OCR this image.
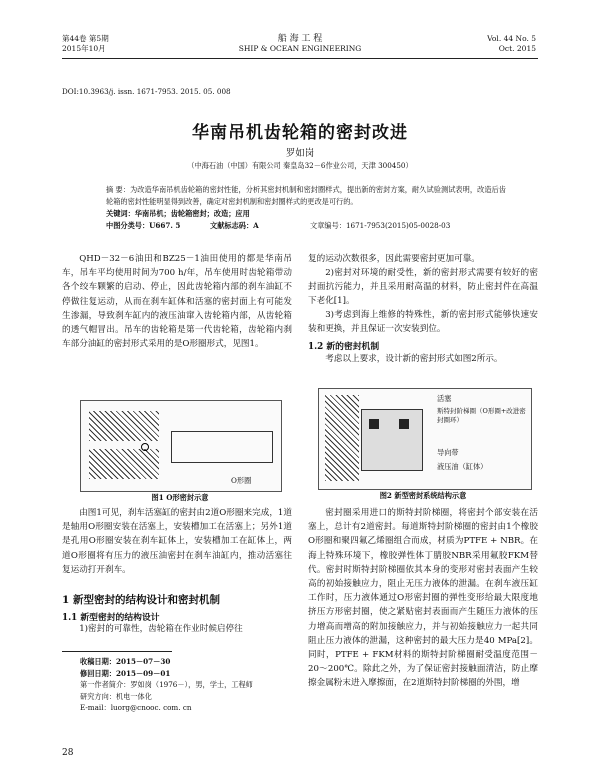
第44卷 第5期
2015年10月
船 海 工 程
SHIP & OCEAN ENGINEERING
Vol. 44 No. 5
Oct. 2015
DOI:10.3963/j. issn. 1671-7953. 2015. 05. 008
华南吊机齿轮箱的密封改进
罗如岗
（中海石油（中国）有限公司 秦皇岛32－6作业公司，天津 300450）
摘 要：为改造华南吊机齿轮箱的密封性能，分析其密封机制和密封圈样式，提出新的密封方案，耐久试验测试表明，改造后齿轮箱的密封性能明显得到改善，确定对密封机制和密封圈样式的更改是可行的。
关键词：华南吊机；齿轮箱密封；改造；应用
中图分类号：U667. 5	文献标志码：A	文章编号：1671-7953(2015)05-0028-03
QHD－32－6油田和BZ25－1油田使用的都是华南吊车，吊车平均使用时间为700 h/年，吊车使用时齿轮箱带动各个绞车颗繁的启动、停止，因此齿轮箱内部的刹车油缸不停做往复运动，从而在刹车缸体和活塞的密封面上有可能发生渗漏，导致刹车缸内的液压油窜入齿轮箱内部，从齿轮箱的透气帽冒出。吊车的齿轮箱是第一代齿轮箱，齿轮箱内刹车部分油缸的密封形式采用的是O形圈形式，见图1。
O形圈
图1 O形密封示意
由图1可见，刹车活塞缸的密封由2道O形圈来完成，1道是轴用O形圈安装在活塞上，安装槽加工在活塞上；另外1道是孔用O形圈安装在刹车缸体上，安装槽加工在缸体上，两道O形圈将有压力的液压油密封在刹车油缸内，推动活塞往复运动打开刹车。
1 新型密封的结构设计和密封机制
1.1 新型密封的结构设计
1)密封的可靠性，齿轮箱在作业时候启停往
收稿日期：2015－07－30
修回日期：2015－09－01
第一作者简介：罗如岗（1976－），男，学士，工程师
研究方向：机电一体化
E-mail：luorg@cnooc. com. cn
28
复的运动次数很多，因此需要密封更加可靠。
2)密封对环境的耐受性，新的密封形式需要有较好的密封面抗污能力，并且采用耐高温的材料，防止密封件在高温下老化[1]。
3)考虑到海上维修的特殊性，新的密封形式能够快速安装和更换，并且保证一次安装到位。
1.2 新的密封机制
考虑以上要求，设计新的密封形式如图2所示。
活塞
斯特封阶梯圈（O形圈+改进密封圈环）
导向带
液压油（缸体）
图2 新型密封系统结构示意
密封圈采用进口的斯特封阶梯圈，将密封个部安装在活塞上，总计有2道密封。每道斯特封阶梯圈的密封由1个橡胶O形圈和聚四氟乙烯圈组合而成，材质为PTFE + NBR。在海上特殊环境下，橡胶弹性体丁腈胶NBR采用氟胶FKM替代。密封时斯特封阶梯圈依其本身的变形对密封表面产生较高的初始接触应力，阻止无压力液体的泄漏。在刹车液压缸工作时，压力液体通过O形密封圈的弹性变形给最大限度地挤压方形密封圈，使之紧贴密封表面而产生随压力液体的压力增高而增高的附加接触应力，并与初始接触应力一起共同阻止压力液体的泄漏，这种密封的最大压力是40 MPa[2]。同时，PTFE + FKM材料的斯特封阶梯圈耐受温度范围－20～200℃。除此之外，为了保证密封接触面清洁，防止摩擦金属粉末进入摩擦面，在2道斯特封阶梯圈的外围，增
